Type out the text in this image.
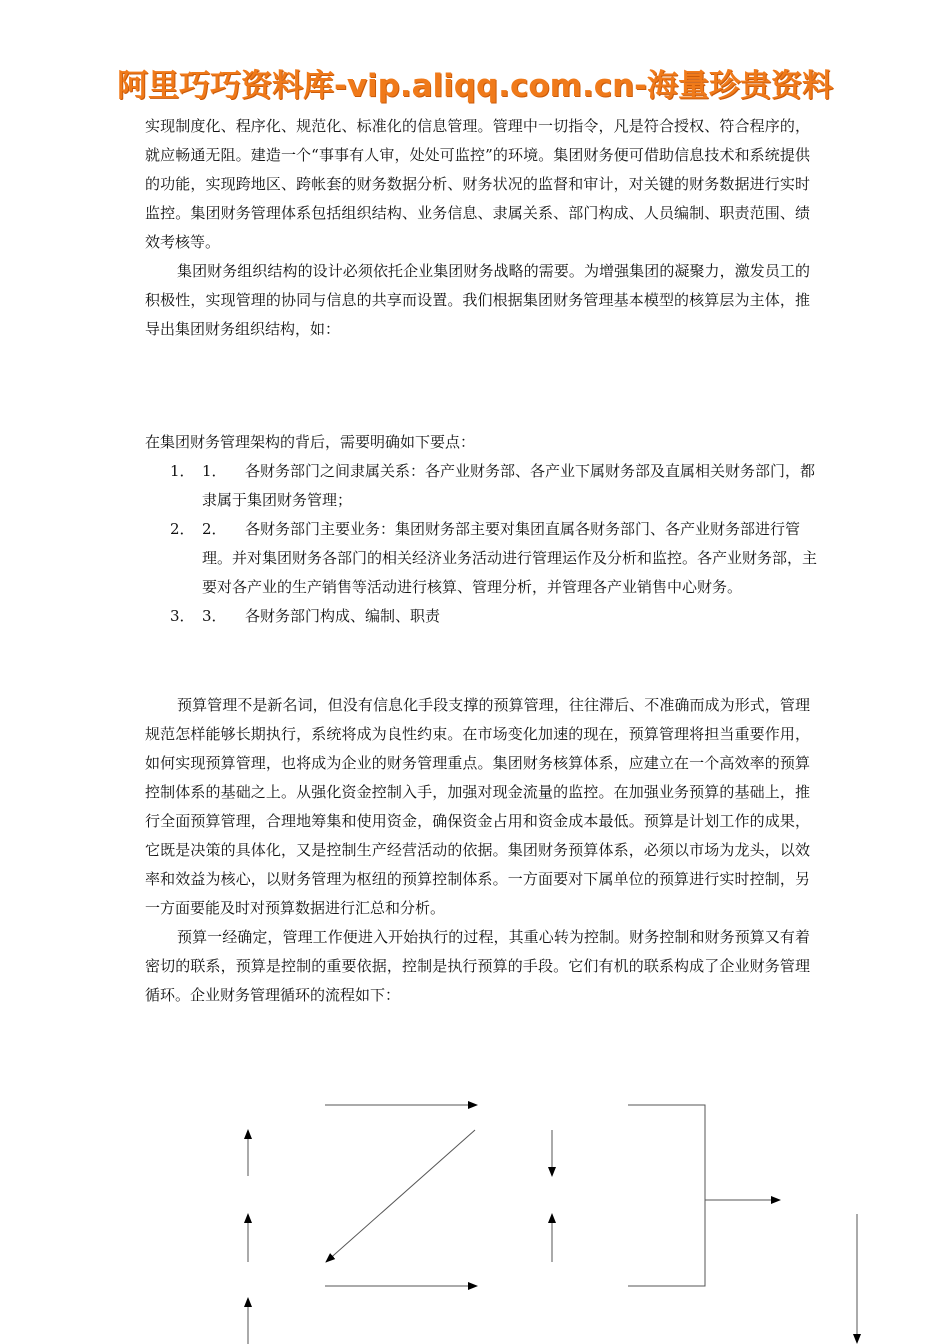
阿里巧巧资料库-vip.aliqq.com.cn-海量珍贵资料

实现制度化、程序化、规范化、标准化的信息管理。管理中一切指令，凡是符合授权、符合程序的，就应畅通无阻。建造一个“事事有人审，处处可监控”的环境。集团财务便可借助信息技术和系统提供的功能，实现跨地区、跨帐套的财务数据分析、财务状况的监督和审计，对关键的财务数据进行实时监控。集团财务管理体系包括组织结构、业务信息、隶属关系、部门构成、人员编制、职责范围、绩效考核等。

集团财务组织结构的设计必须依托企业集团财务战略的需要。为增强集团的凝聚力，激发员工的积极性，实现管理的协同与信息的共享而设置。我们根据集团财务管理基本模型的核算层为主体，推导出集团财务组织结构，如：

在集团财务管理架构的背后，需要明确如下要点：

1． 1． 各财务部门之间隶属关系：各产业财务部、各产业下属财务部及直属相关财务部门，都隶属于集团财务管理；
2． 2． 各财务部门主要业务：集团财务部主要对集团直属各财务部门、各产业财务部进行管理。并对集团财务各部门的相关经济业务活动进行管理运作及分析和监控。各产业财务部，主要对各产业的生产销售等活动进行核算、管理分析，并管理各产业销售中心财务。
3． 3． 各财务部门构成、编制、职责

预算管理不是新名词，但没有信息化手段支撑的预算管理，往往滞后、不准确而成为形式，管理规范怎样能够长期执行，系统将成为良性约束。在市场变化加速的现在，预算管理将担当重要作用，如何实现预算管理，也将成为企业的财务管理重点。集团财务核算体系，应建立在一个高效率的预算控制体系的基础之上。从强化资金控制入手，加强对现金流量的监控。在加强业务预算的基础上，推行全面预算管理，合理地筹集和使用资金，确保资金占用和资金成本最低。预算是计划工作的成果，它既是决策的具体化，又是控制生产经营活动的依据。集团财务预算体系，必须以市场为龙头，以效率和效益为核心，以财务管理为枢纽的预算控制体系。一方面要对下属单位的预算进行实时控制，另一方面要能及时对预算数据进行汇总和分析。

预算一经确定，管理工作便进入开始执行的过程，其重心转为控制。财务控制和财务预算又有着密切的联系，预算是控制的重要依据，控制是执行预算的手段。它们有机的联系构成了企业财务管理循环。企业财务管理循环的流程如下：
